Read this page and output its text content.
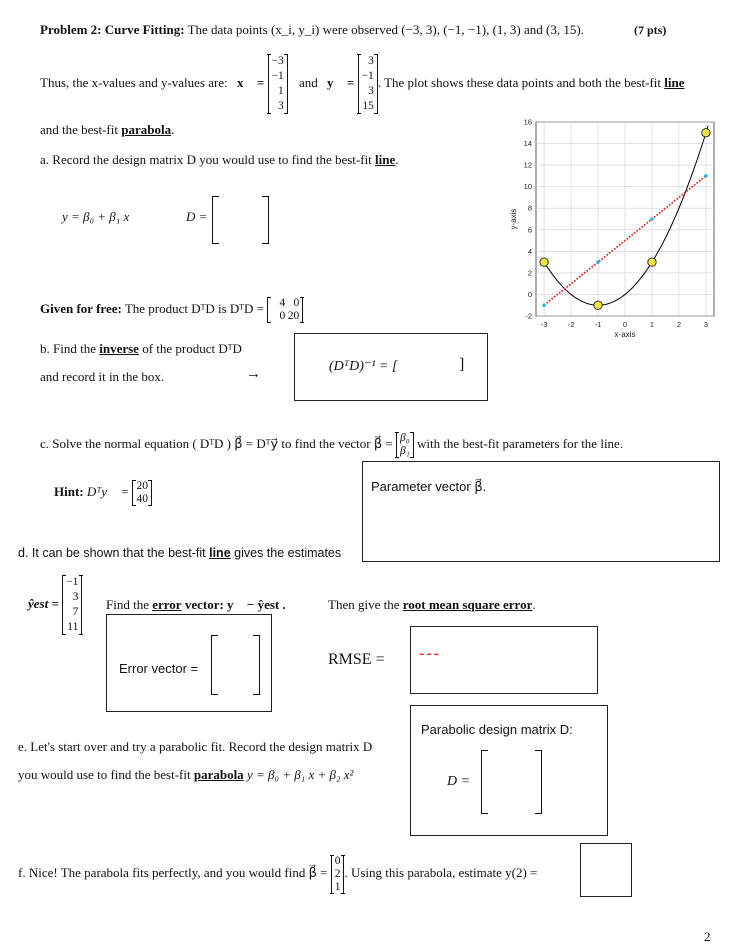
Problem 2: Curve Fitting: The data points (x_i, y_i) were observed (−3, 3), (−1, −1), (1, 3) and (3, 15).	(7 pts)
Thus, the x-values and y-values are: x⃗ =
−3
−1
1
3
and y⃗ =
3
−1
3
15
. The plot shows these data points and both the best-fit line
and the best-fit parabola.
a. Record the design matrix D you would use to find the best-fit line.
y = β₀ + β₁ x	D =
-3	-2	-1	0	1	2	3
-2
0
2
4
6
8
10
12
14
16
x-axis
y-axis
Given for free: The product DᵀD is DᵀD =	4 0
0 20
b. Find the inverse of the product DᵀD
and record it in the box.	→	(DᵀD)⁻¹ = [	]
c. Solve the normal equation ( DᵀD ) β⃗ = Dᵀy⃗ to find the vector β⃗ = β₀
β₁
with the best-fit parameters for the line.
Hint: Dᵀy⃗ = 20
40
Parameter vector β⃗.
d. It can be shown that the best-fit line gives the estimates
ŷest =
−1
3
7
11
Find the error vector: y⃗ − ŷest .	Then give the root mean square error.
Error vector =
RMSE = ---
e. Let's start over and try a parabolic fit. Record the design matrix D
you would use to find the best-fit parabola y = β₀ + β₁ x + β₂ x²
Parabolic design matrix D:
D =
f. Nice! The parabola fits perfectly, and you would find β⃗ =
0
2
1
. Using this parabola, estimate y(2) =
2
